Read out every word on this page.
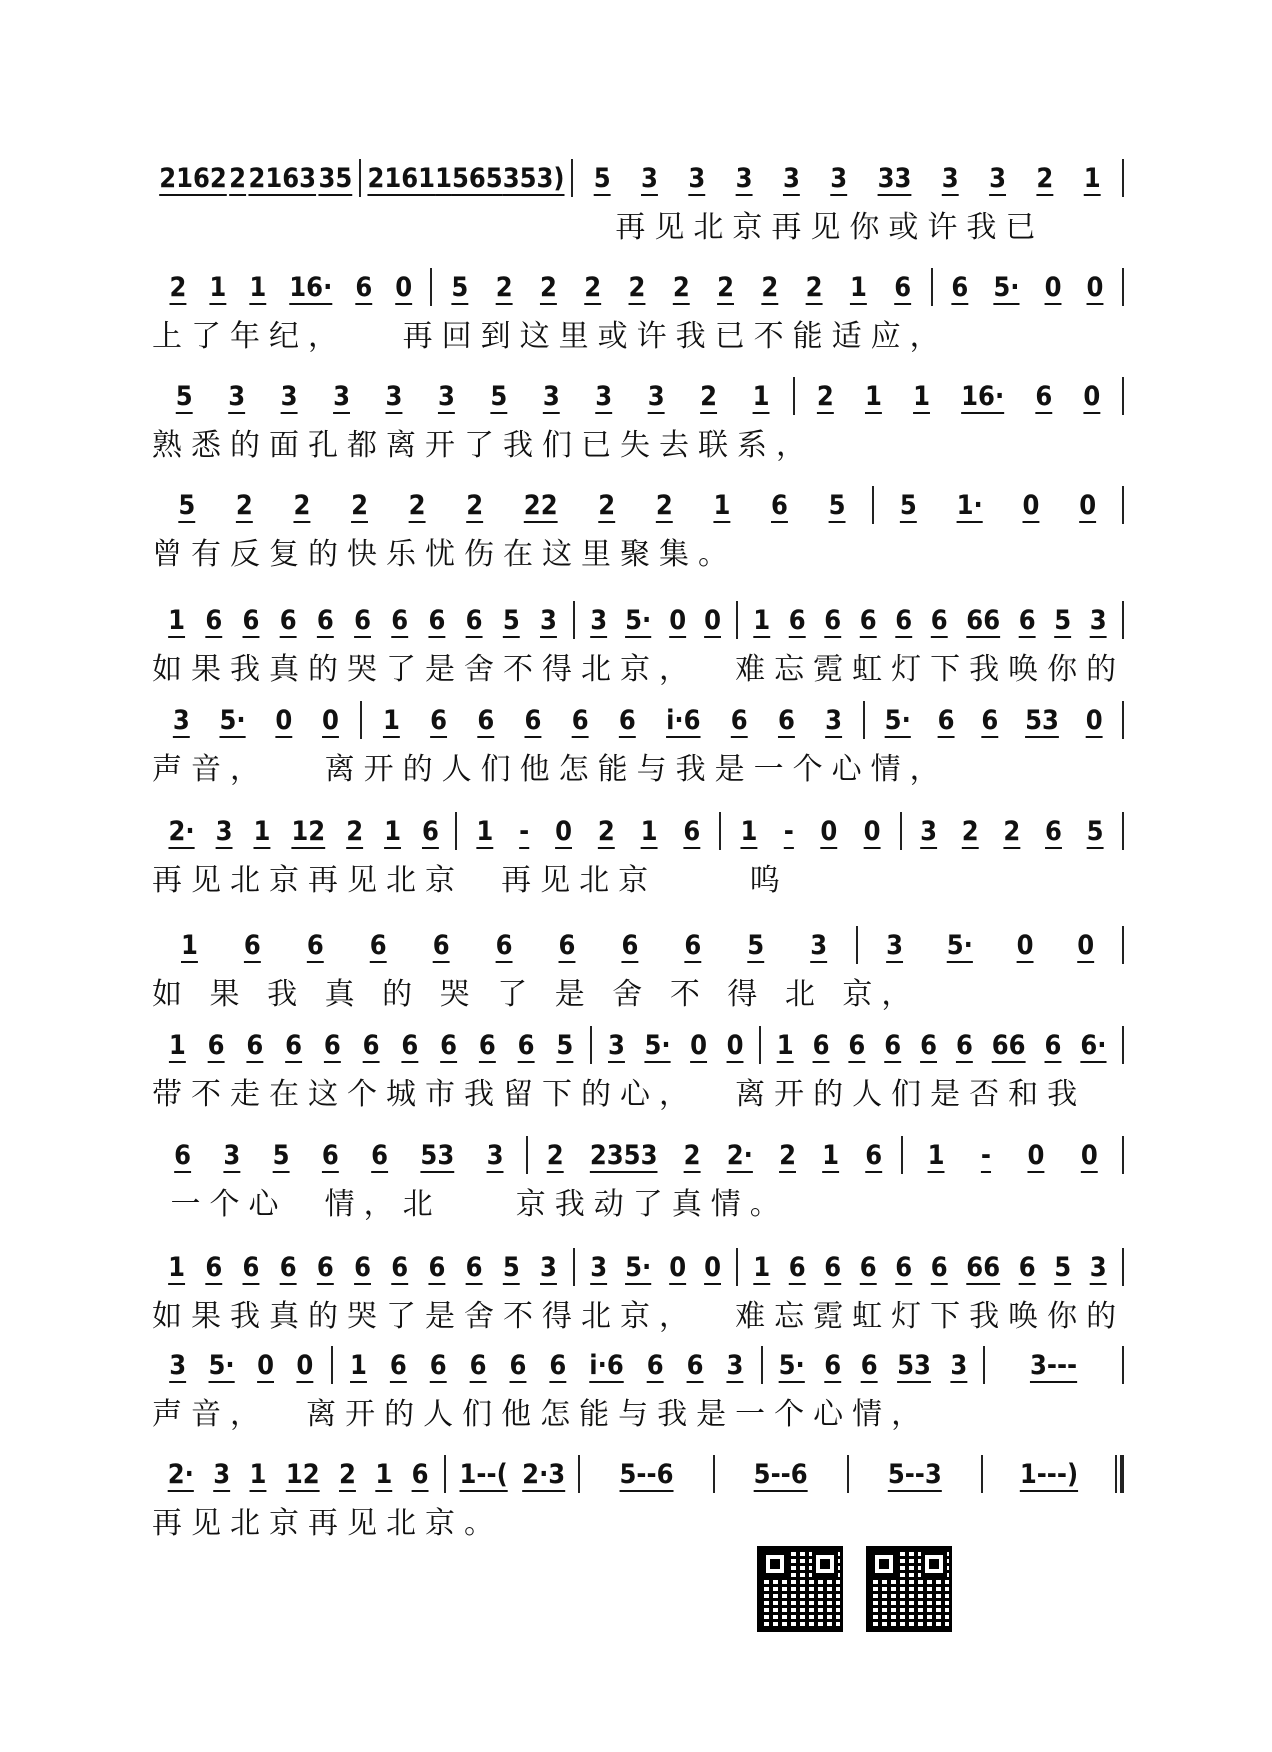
2162 2 2163 35 2161 1 565 353) 5 3 3 3 3 3 33 3 3 2 1
再见北京再见你或许我已
2 1 1 16· 6 0 5 2 2 2 2 2 2 2 2 1 6 6 5· 0 0
上了年纪，   再回到这里或许我已不能适应，
5 3 3 3 3 3 5 3 3 3 2 1 2 1 1 16· 6 0
熟悉的面孔都离开了我们已失去联系，
5 2 2 2 2 2 22 2 2 1 6 5 5 1· 0 0
曾有反复的快乐忧伤在这里聚集。
1 6 6 6 6 6 6 6 6 5 3 3 5· 0 0 1 6 6 6 6 6 66 6 5 3
如果我真的哭了是舍不得北京，  难忘霓虹灯下我唤你的
3 5· 0 0 1 6 6 6 6 6 i·6 6 6 3 5· 6 6 53 0
声音，   离开的人们他怎能与我是一个心情，
2· 3 1 12 2 1 6 1 - 0 2 1 6 1 - 0 0 3 2 2 6 5
再见北京再见北京  再见北京     呜
1 6 6 6 6 6 6 6 6 5 3 3 5· 0 0
如 果 我 真 的 哭 了 是 舍 不 得 北 京，
1 6 6 6 6 6 6 6 6 6 5 3 5· 0 0 1 6 6 6 6 6 66 6 6·
带不走在这个城市我留下的心，  离开的人们是否和我
6 3 5 6 6 53 3 2 2353 2 2· 2 1 6 1 - 0 0
一个心  情，北    京我动了真情。
1 6 6 6 6 6 6 6 6 5 3 3 5· 0 0 1 6 6 6 6 6 66 6 5 3
如果我真的哭了是舍不得北京，  难忘霓虹灯下我唤你的
3 5· 0 0 1 6 6 6 6 6 i·6 6 6 3 5· 6 6 53 3 3---
声音，  离开的人们他怎能与我是一个心情，
2· 3 1 12 2 1 6 1--( 2·3 5--6	5--6	5--3	1---)
再见北京再见北京。
